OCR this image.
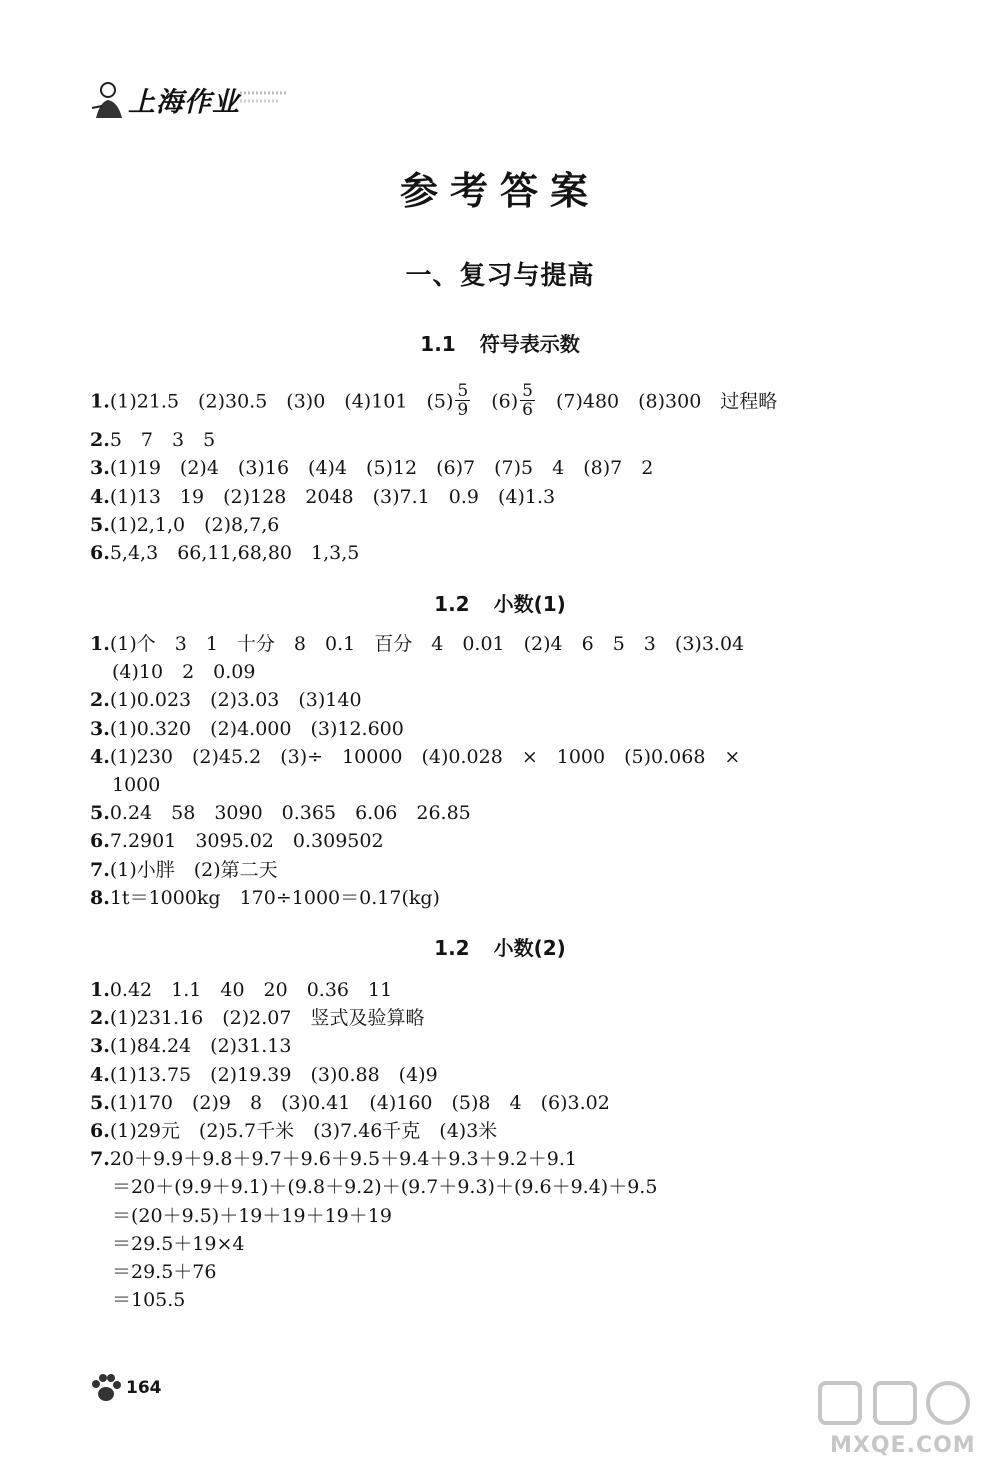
上海作业
参考答案
一、复习与提高
1.1 符号表示数
1.(1)21.5　(2)30.5　(3)0　(4)101　$(5) \frac{5}{9}$ 　$(6) \frac{5}{6}$ 　(7)480　(8)300　过程略
2.5　7　3　5
3.(1)19　(2)4　(3)16　(4)4　(5)12　(6)7　(7)5　4　(8)7　2
4.(1)13　19　(2)128　2048　(3)7.1　0.9　(4)1.3
5.(1)2,1,0　(2)8,7,6
6.5,4,3　66,11,68,80　1,3,5
1.2 小数(1)
1.(1)个　3　1　十分　8　0.1　百分　4　0.01　(2)4　6　5　3　(3)3.04
(4)10　2　0.09
2.(1)0.023　(2)3.03　(3)140
3.(1)0.320　(2)4.000　(3)12.600
4.(1)230　(2)45.2　(3)÷　10000　(4)0.028　×　1000　(5)0.068　×
1000
5.0.24　58　3090　0.365　6.06　26.85
6.7.2901　3095.02　0.309502
7.(1)小胖　(2)第二天
8.1t＝1000kg　170÷1000＝0.17(kg)
1.2 小数(2)
1.0.42　1.1　40　20　0.36　11
2.(1)231.16　(2)2.07　竖式及验算略
3.(1)84.24　(2)31.13
4.(1)13.75　(2)19.39　(3)0.88　(4)9
5.(1)170　(2)9　8　(3)0.41　(4)160　(5)8　4　(6)3.02
6.(1)29元　(2)5.7千米　(3)7.46千克　(4)3米
7.20＋9.9＋9.8＋9.7＋9.6＋9.5＋9.4＋9.3＋9.2＋9.1
＝20＋(9.9＋9.1)＋(9.8＋9.2)＋(9.7＋9.3)＋(9.6＋9.4)＋9.5
＝(20＋9.5)＋19＋19＋19＋19
＝29.5＋19×4
＝29.5＋76
＝105.5
164
MXQE.COM
